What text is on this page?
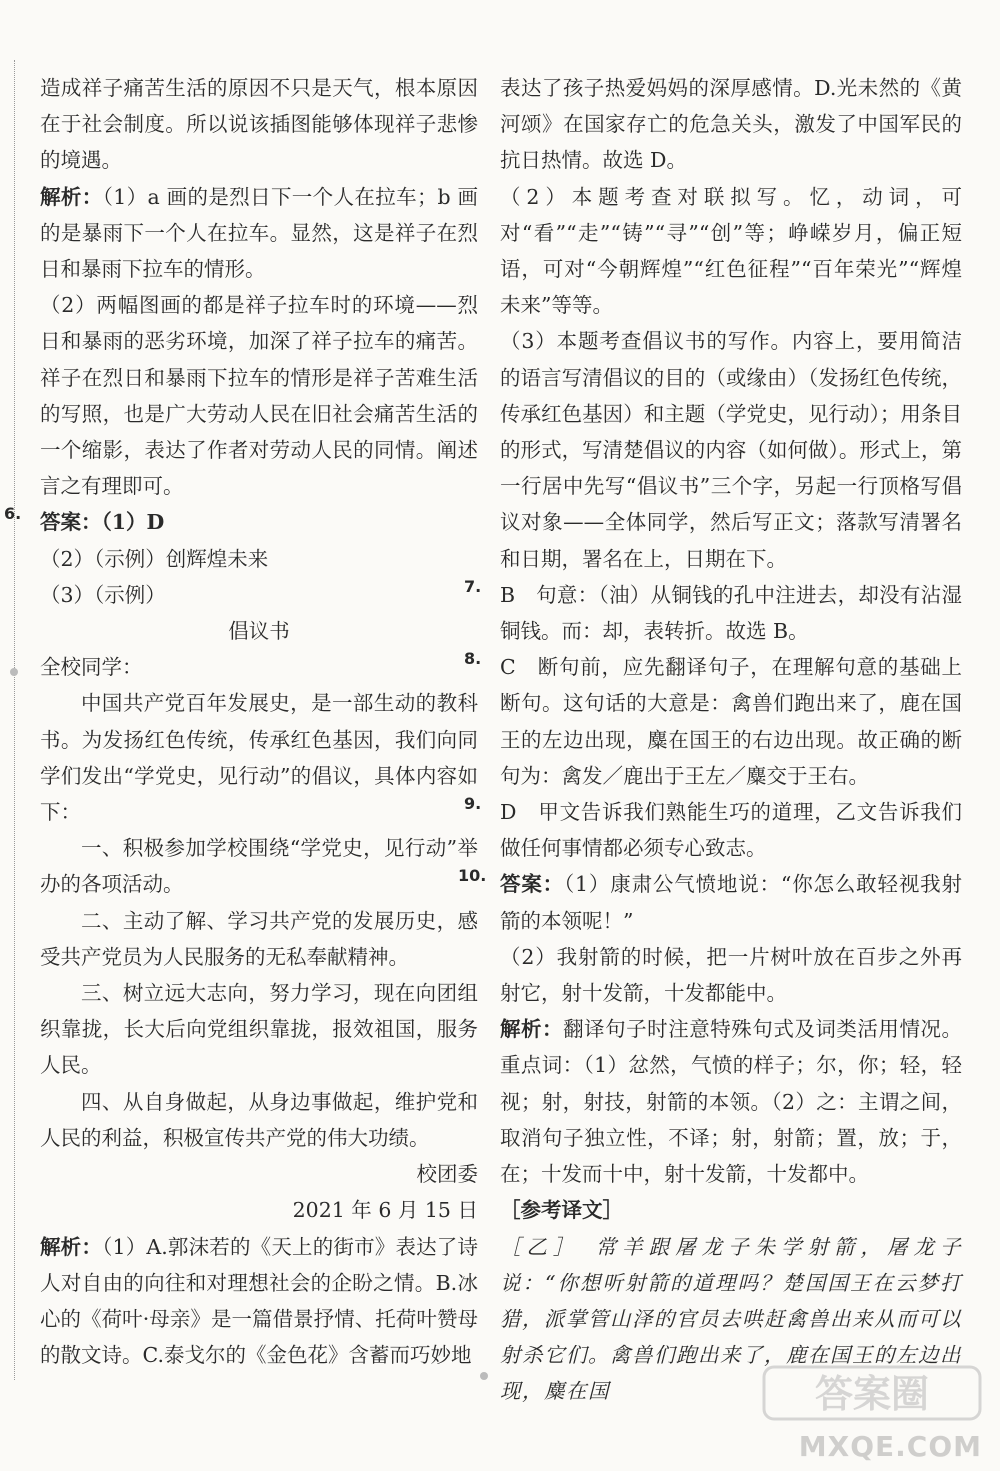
造成祥子痛苦生活的原因不只是天气，根本原因在于社会制度。所以说该插图能够体现祥子悲惨的境遇。

解析：（1）a 画的是烈日下一个人在拉车；b 画的是暴雨下一个人在拉车。显然，这是祥子在烈日和暴雨下拉车的情形。

（2）两幅图画的都是祥子拉车时的环境——烈日和暴雨的恶劣环境，加深了祥子拉车的痛苦。祥子在烈日和暴雨下拉车的情形是祥子苦难生活的写照，也是广大劳动人民在旧社会痛苦生活的一个缩影，表达了作者对劳动人民的同情。阐述言之有理即可。

6. 答案：（1）D

（2）（示例）创辉煌未来

（3）（示例）

倡议书

全校同学：

中国共产党百年发展史，是一部生动的教科书。为发扬红色传统，传承红色基因，我们向同学们发出“学党史，见行动”的倡议，具体内容如下：

一、积极参加学校围绕“学党史，见行动”举办的各项活动。

二、主动了解、学习共产党的发展历史，感受共产党员为人民服务的无私奉献精神。

三、树立远大志向，努力学习，现在向团组织靠拢，长大后向党组织靠拢，报效祖国，服务人民。

四、从自身做起，从身边事做起，维护党和人民的利益，积极宣传共产党的伟大功绩。

校团委

2021 年 6 月 15 日

解析：（1）A.郭沫若的《天上的街市》表达了诗人对自由的向往和对理想社会的企盼之情。B.冰心的《荷叶·母亲》是一篇借景抒情、托荷叶赞母的散文诗。C.泰戈尔的《金色花》含蓄而巧妙地

表达了孩子热爱妈妈的深厚感情。D.光未然的《黄河颂》在国家存亡的危急关头，激发了中国军民的抗日热情。故选 D。

（2）本题考查对联拟写。忆，动词，可对“看”“走”“铸”“寻”“创”等；峥嵘岁月，偏正短语，可对“今朝辉煌”“红色征程”“百年荣光”“辉煌未来”等等。

（3）本题考查倡议书的写作。内容上，要用简洁的语言写清倡议的目的（或缘由）（发扬红色传统，传承红色基因）和主题（学党史，见行动）；用条目的形式，写清楚倡议的内容（如何做）。形式上，第一行居中先写“倡议书”三个字，另起一行顶格写倡议对象——全体同学，然后写正文；落款写清署名和日期，署名在上，日期在下。

7. B　句意：（油）从铜钱的孔中注进去，却没有沾湿铜钱。而：却，表转折。故选 B。

8. C　断句前，应先翻译句子，在理解句意的基础上断句。这句话的大意是：禽兽们跑出来了，鹿在国王的左边出现，麋在国王的右边出现。故正确的断句为：禽发／鹿出于王左／麋交于王右。

9. D　甲文告诉我们熟能生巧的道理，乙文告诉我们做任何事情都必须专心致志。

10. 答案：（1）康肃公气愤地说：“你怎么敢轻视我射箭的本领呢！”

（2）我射箭的时候，把一片树叶放在百步之外再射它，射十发箭，十发都能中。

解析：翻译句子时注意特殊句式及词类活用情况。重点词：（1）忿然，气愤的样子；尔，你；轻，轻视；射，射技，射箭的本领。（2）之：主谓之间，取消句子独立性，不译；射，射箭；置，放；于，在；十发而十中，射十发箭，十发都中。

［参考译文］

［乙］　常羊跟屠龙子朱学射箭，屠龙子说：“你想听射箭的道理吗？楚国国王在云梦打猎，派掌管山泽的官员去哄赶禽兽出来从而可以射杀它们。禽兽们跑出来了，鹿在国王的左边出现，麋在国	答案圈
MXQE.COM
